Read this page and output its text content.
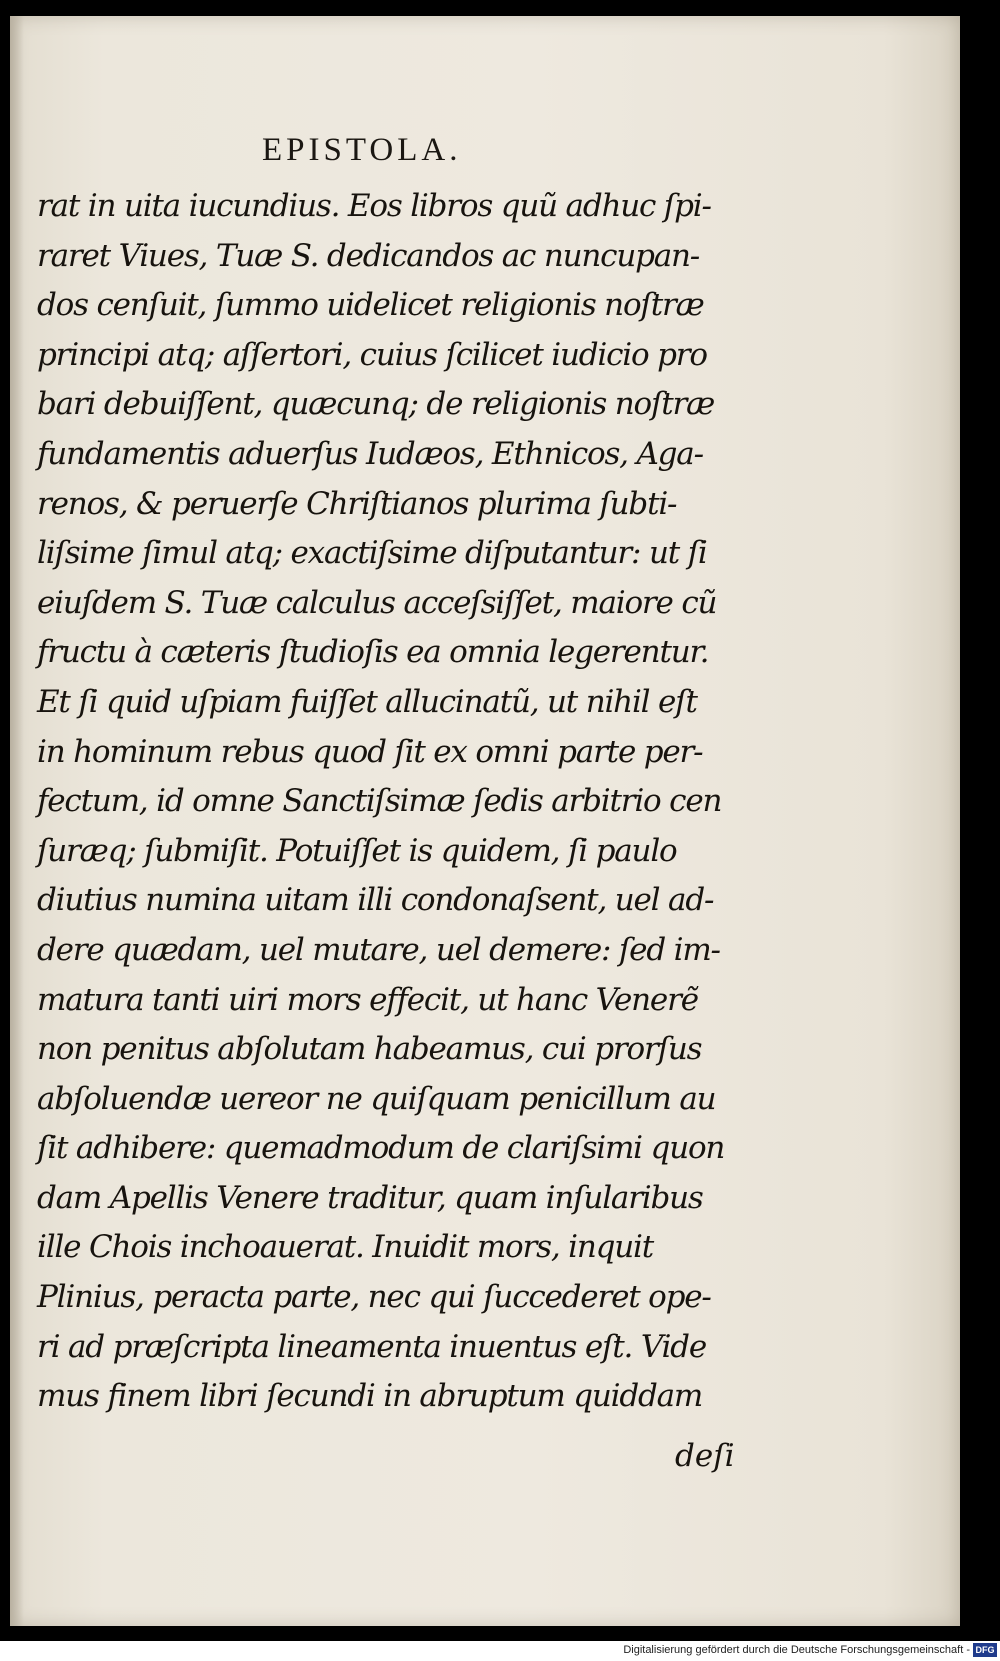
EPISTOLA.
rat in uita iucundius. Eos libros quũ adhuc ſpi-
raret Viues, Tuæ S. dedicandos ac nuncupan-
dos cenſuit, ſummo uidelicet religionis noſtræ
principi atq; aſſertori, cuius ſcilicet iudicio pro
bari debuiſſent, quæcunq; de religionis noſtræ
fundamentis aduerſus Iudæos, Ethnicos, Aga-
renos, & peruerſe Chriſtianos plurima ſubti-
liſsime ſimul atq; exactiſsime diſputantur: ut ſi
eiuſdem S. Tuæ calculus acceſsiſſet, maiore cũ
fructu à cæteris ſtudioſis ea omnia legerentur.
Et ſi quid uſpiam fuiſſet allucinatũ, ut nihil eſt
in hominum rebus quod ſit ex omni parte per-
fectum, id omne Sanctiſsimæ ſedis arbitrio cen
ſuræq; ſubmiſit. Potuiſſet is quidem, ſi paulo
diutius numina uitam illi condonaſsent, uel ad-
dere quædam, uel mutare, uel demere: ſed im-
matura tanti uiri mors effecit, ut hanc Venerẽ
non penitus abſolutam habeamus, cui prorſus
abſoluendæ uereor ne quiſquam penicillum au
ſit adhibere: quemadmodum de clariſsimi quon
dam Apellis Venere traditur, quam inſularibus
ille Chois inchoauerat. Inuidit mors, inquit
Plinius, peracta parte, nec qui ſuccederet ope-
ri ad præſcripta lineamenta inuentus eſt. Vide
mus finem libri ſecundi in abruptum quiddam
deſi
Digitalisierung gefördert durch die Deutsche Forschungsgemeinschaft - DFG
